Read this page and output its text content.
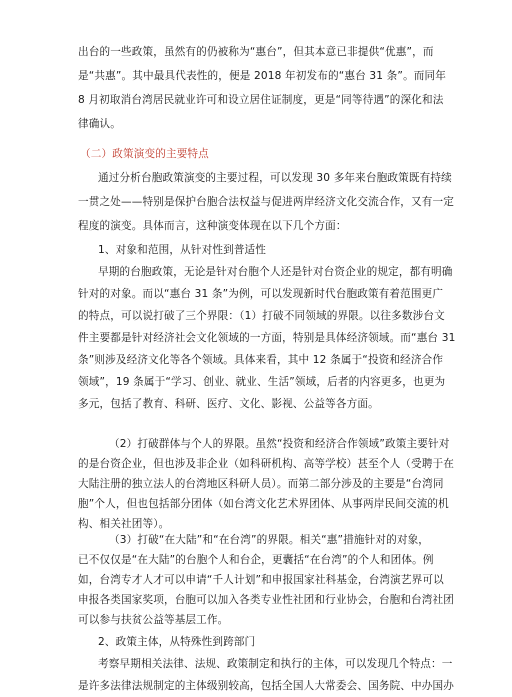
出台的一些政策，虽然有的仍被称为“惠台”，但其本意已非提供“优惠”，而
是“共惠”。其中最具代表性的，便是 2018 年初发布的“惠台 31 条”。而同年
8 月初取消台湾居民就业许可和设立居住证制度，更是“同等待遇”的深化和法
律确认。
（二）政策演变的主要特点
通过分析台胞政策演变的主要过程，可以发现 30 多年来台胞政策既有持续
一贯之处——特别是保护台胞合法权益与促进两岸经济文化交流合作，又有一定
程度的演变。具体而言，这种演变体现在以下几个方面：
1、对象和范围，从针对性到普适性
早期的台胞政策，无论是针对台胞个人还是针对台资企业的规定，都有明确
针对的对象。而以“惠台 31 条”为例，可以发现新时代台胞政策有着范围更广
的特点，可以说打破了三个界限：（1）打破不同领域的界限。以往多数涉台文
件主要都是针对经济社会文化领域的一方面，特别是具体经济领域。而“惠台 31
条”则涉及经济文化等各个领域。具体来看，其中 12 条属于“投资和经济合作
领域”，19 条属于“学习、创业、就业、生活”领域，后者的内容更多，也更为
多元，包括了教育、科研、医疗、文化、影视、公益等各方面。
（2）打破群体与个人的界限。虽然“投资和经济合作领域”政策主要针对
的是台资企业，但也涉及非企业（如科研机构、高等学校）甚至个人（受聘于在
大陆注册的独立法人的台湾地区科研人员）。而第二部分涉及的主要是“台湾同
胞”个人，但也包括部分团体（如台湾文化艺术界团体、从事两岸民间交流的机
构、相关社团等）。
（3）打破“在大陆”和“在台湾”的界限。相关“惠”措施针对的对象，
已不仅仅是“在大陆”的台胞个人和台企，更囊括“在台湾”的个人和团体。例
如，台湾专才人才可以申请“千人计划”和申报国家社科基金，台湾演艺界可以
申报各类国家奖项，台胞可以加入各类专业性社团和行业协会，台胞和台湾社团
可以参与扶贫公益等基层工作。
2、政策主体，从特殊性到跨部门
考察早期相关法律、法规、政策制定和执行的主体，可以发现几个特点：一
是许多法律法规制定的主体级别较高，包括全国人大常委会、国务院、中办国办
